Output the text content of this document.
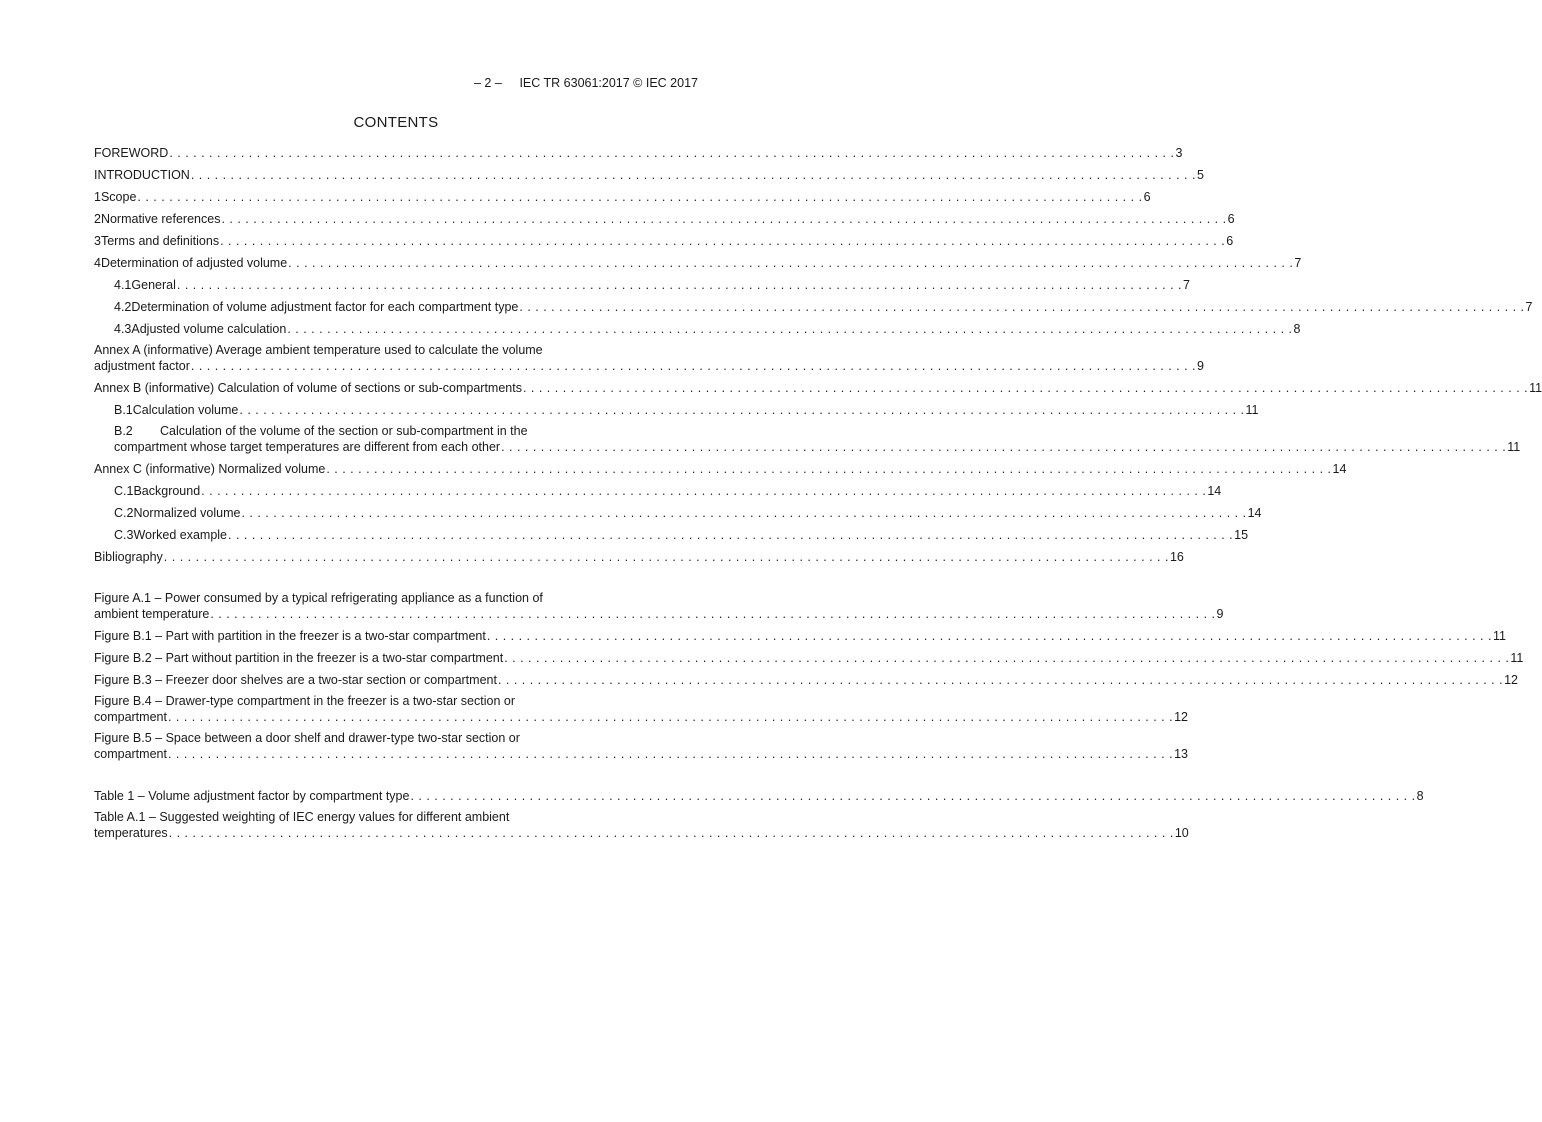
– 2 – IEC TR 63061:2017 © IEC 2017
CONTENTS
FOREWORD . . . . . . . . . . . . . . . . . . . . . . . . . . . . . . . . . . . . . . . . . . . . . . . . . . . . . . . . . . . . . . . . . . . . . . . . . . . . . . . . . . . . . . . . . . . . . . . . . . . . . . . . . . . . . . . . . . . . . . . . . . . . . . . 3
INTRODUCTION . . . . . . . . . . . . . . . . . . . . . . . . . . . . . . . . . . . . . . . . . . . . . . . . . . . . . . . . . . . . . . . . . . . . . . . . . . . . . . . . . . . . . . . . . . . . . . . . . . . . . . . . . . . . . . . . . . . . . . . . . . . . . . . 5
1 Scope . . . . . . . . . . . . . . . . . . . . . . . . . . . . . . . . . . . . . . . . . . . . . . . . . . . . . . . . . . . . . . . . . . . . . . . . . . . . . . . . . . . . . . . . . . . . . . . . . . . . . . . . . . . . . . . . . . . . . . . . . . . . . . . 6
2 Normative references . . . . . . . . . . . . . . . . . . . . . . . . . . . . . . . . . . . . . . . . . . . . . . . . . . . . . . . . . . . . . . . . . . . . . . . . . . . . . . . . . . . . . . . . . . . . . . . . . . . . . . . . . . . . . . . . . . . . . . . . . . . . . . . 6
3 Terms and definitions . . . . . . . . . . . . . . . . . . . . . . . . . . . . . . . . . . . . . . . . . . . . . . . . . . . . . . . . . . . . . . . . . . . . . . . . . . . . . . . . . . . . . . . . . . . . . . . . . . . . . . . . . . . . . . . . . . . . . . . . . . . . . . . 6
4 Determination of adjusted volume . . . . . . . . . . . . . . . . . . . . . . . . . . . . . . . . . . . . . . . . . . . . . . . . . . . . . . . . . . . . . . . . . . . . . . . . . . . . . . . . . . . . . . . . . . . . . . . . . . . . . . . . . . . . . . . . . . . . . . . . . . . . . . . 7
4.1 General . . . . . . . . . . . . . . . . . . . . . . . . . . . . . . . . . . . . . . . . . . . . . . . . . . . . . . . . . . . . . . . . . . . . . . . . . . . . . . . . . . . . . . . . . . . . . . . . . . . . . . . . . . . . . . . . . . . . . . . . . . . . . . . 7
4.2 Determination of volume adjustment factor for each compartment type . . . . . . . . . . . . . . . . . . . . . . . . . . . . . . . . . . . . . . . . . . . . . . . . . . . . . . . . . . . . . . . . . . . . . . . . . . . . . . . . . . . . . . . . . . . . . . . . . . . . . . . . . . . . . . . . . . . . . . . . . . . . . . . 7
4.3 Adjusted volume calculation . . . . . . . . . . . . . . . . . . . . . . . . . . . . . . . . . . . . . . . . . . . . . . . . . . . . . . . . . . . . . . . . . . . . . . . . . . . . . . . . . . . . . . . . . . . . . . . . . . . . . . . . . . . . . . . . . . . . . . . . . . . . . . . 8
Annex A (informative) Average ambient temperature used to calculate the volume
adjustment factor . . . . . . . . . . . . . . . . . . . . . . . . . . . . . . . . . . . . . . . . . . . . . . . . . . . . . . . . . . . . . . . . . . . . . . . . . . . . . . . . . . . . . . . . . . . . . . . . . . . . . . . . . . . . . . . . . . . . . . . . . . . . . . . 9
Annex B (informative) Calculation of volume of sections or sub-compartments . . . . . . . . . . . . . . . . . . . . . . . . . . . . . . . . . . . . . . . . . . . . . . . . . . . . . . . . . . . . . . . . . . . . . . . . . . . . . . . . . . . . . . . . . . . . . . . . . . . . . . . . . . . . . . . . . . . . . . . . . . . . . . . 11
B.1 Calculation volume . . . . . . . . . . . . . . . . . . . . . . . . . . . . . . . . . . . . . . . . . . . . . . . . . . . . . . . . . . . . . . . . . . . . . . . . . . . . . . . . . . . . . . . . . . . . . . . . . . . . . . . . . . . . . . . . . . . . . . . . . . . . . . . 11
B.2 Calculation of the volume of the section or sub-compartment in the
compartment whose target temperatures are different from each other . . . . . . . . . . . . . . . . . . . . . . . . . . . . . . . . . . . . . . . . . . . . . . . . . . . . . . . . . . . . . . . . . . . . . . . . . . . . . . . . . . . . . . . . . . . . . . . . . . . . . . . . . . . . . . . . . . . . . . . . . . . . . . . 11
Annex C (informative) Normalized volume . . . . . . . . . . . . . . . . . . . . . . . . . . . . . . . . . . . . . . . . . . . . . . . . . . . . . . . . . . . . . . . . . . . . . . . . . . . . . . . . . . . . . . . . . . . . . . . . . . . . . . . . . . . . . . . . . . . . . . . . . . . . . . . 14
C.1 Background . . . . . . . . . . . . . . . . . . . . . . . . . . . . . . . . . . . . . . . . . . . . . . . . . . . . . . . . . . . . . . . . . . . . . . . . . . . . . . . . . . . . . . . . . . . . . . . . . . . . . . . . . . . . . . . . . . . . . . . . . . . . . . . 14
C.2 Normalized volume . . . . . . . . . . . . . . . . . . . . . . . . . . . . . . . . . . . . . . . . . . . . . . . . . . . . . . . . . . . . . . . . . . . . . . . . . . . . . . . . . . . . . . . . . . . . . . . . . . . . . . . . . . . . . . . . . . . . . . . . . . . . . . . 14
C.3 Worked example . . . . . . . . . . . . . . . . . . . . . . . . . . . . . . . . . . . . . . . . . . . . . . . . . . . . . . . . . . . . . . . . . . . . . . . . . . . . . . . . . . . . . . . . . . . . . . . . . . . . . . . . . . . . . . . . . . . . . . . . . . . . . . . 15
Bibliography . . . . . . . . . . . . . . . . . . . . . . . . . . . . . . . . . . . . . . . . . . . . . . . . . . . . . . . . . . . . . . . . . . . . . . . . . . . . . . . . . . . . . . . . . . . . . . . . . . . . . . . . . . . . . . . . . . . . . . . . . . . . . . . 16
Figure A.1 – Power consumed by a typical refrigerating appliance as a function of
ambient temperature . . . . . . . . . . . . . . . . . . . . . . . . . . . . . . . . . . . . . . . . . . . . . . . . . . . . . . . . . . . . . . . . . . . . . . . . . . . . . . . . . . . . . . . . . . . . . . . . . . . . . . . . . . . . . . . . . . . . . . . . . . . . . . . 9
Figure B.1 – Part with partition in the freezer is a two-star compartment . . . . . . . . . . . . . . . . . . . . . . . . . . . . . . . . . . . . . . . . . . . . . . . . . . . . . . . . . . . . . . . . . . . . . . . . . . . . . . . . . . . . . . . . . . . . . . . . . . . . . . . . . . . . . . . . . . . . . . . . . . . . . . . 11
Figure B.2 – Part without partition in the freezer is a two-star compartment . . . . . . . . . . . . . . . . . . . . . . . . . . . . . . . . . . . . . . . . . . . . . . . . . . . . . . . . . . . . . . . . . . . . . . . . . . . . . . . . . . . . . . . . . . . . . . . . . . . . . . . . . . . . . . . . . . . . . . . . . . . . . . . 11
Figure B.3 – Freezer door shelves are a two-star section or compartment . . . . . . . . . . . . . . . . . . . . . . . . . . . . . . . . . . . . . . . . . . . . . . . . . . . . . . . . . . . . . . . . . . . . . . . . . . . . . . . . . . . . . . . . . . . . . . . . . . . . . . . . . . . . . . . . . . . . . . . . . . . . . . . 12
Figure B.4 – Drawer-type compartment in the freezer is a two-star section or
compartment . . . . . . . . . . . . . . . . . . . . . . . . . . . . . . . . . . . . . . . . . . . . . . . . . . . . . . . . . . . . . . . . . . . . . . . . . . . . . . . . . . . . . . . . . . . . . . . . . . . . . . . . . . . . . . . . . . . . . . . . . . . . . . . 12
Figure B.5 – Space between a door shelf and drawer-type two-star section or
compartment . . . . . . . . . . . . . . . . . . . . . . . . . . . . . . . . . . . . . . . . . . . . . . . . . . . . . . . . . . . . . . . . . . . . . . . . . . . . . . . . . . . . . . . . . . . . . . . . . . . . . . . . . . . . . . . . . . . . . . . . . . . . . . . 13
Table 1 – Volume adjustment factor by compartment type . . . . . . . . . . . . . . . . . . . . . . . . . . . . . . . . . . . . . . . . . . . . . . . . . . . . . . . . . . . . . . . . . . . . . . . . . . . . . . . . . . . . . . . . . . . . . . . . . . . . . . . . . . . . . . . . . . . . . . . . . . . . . . . 8
Table A.1 – Suggested weighting of IEC energy values for different ambient
temperatures . . . . . . . . . . . . . . . . . . . . . . . . . . . . . . . . . . . . . . . . . . . . . . . . . . . . . . . . . . . . . . . . . . . . . . . . . . . . . . . . . . . . . . . . . . . . . . . . . . . . . . . . . . . . . . . . . . . . . . . . . . . . . . . 10
